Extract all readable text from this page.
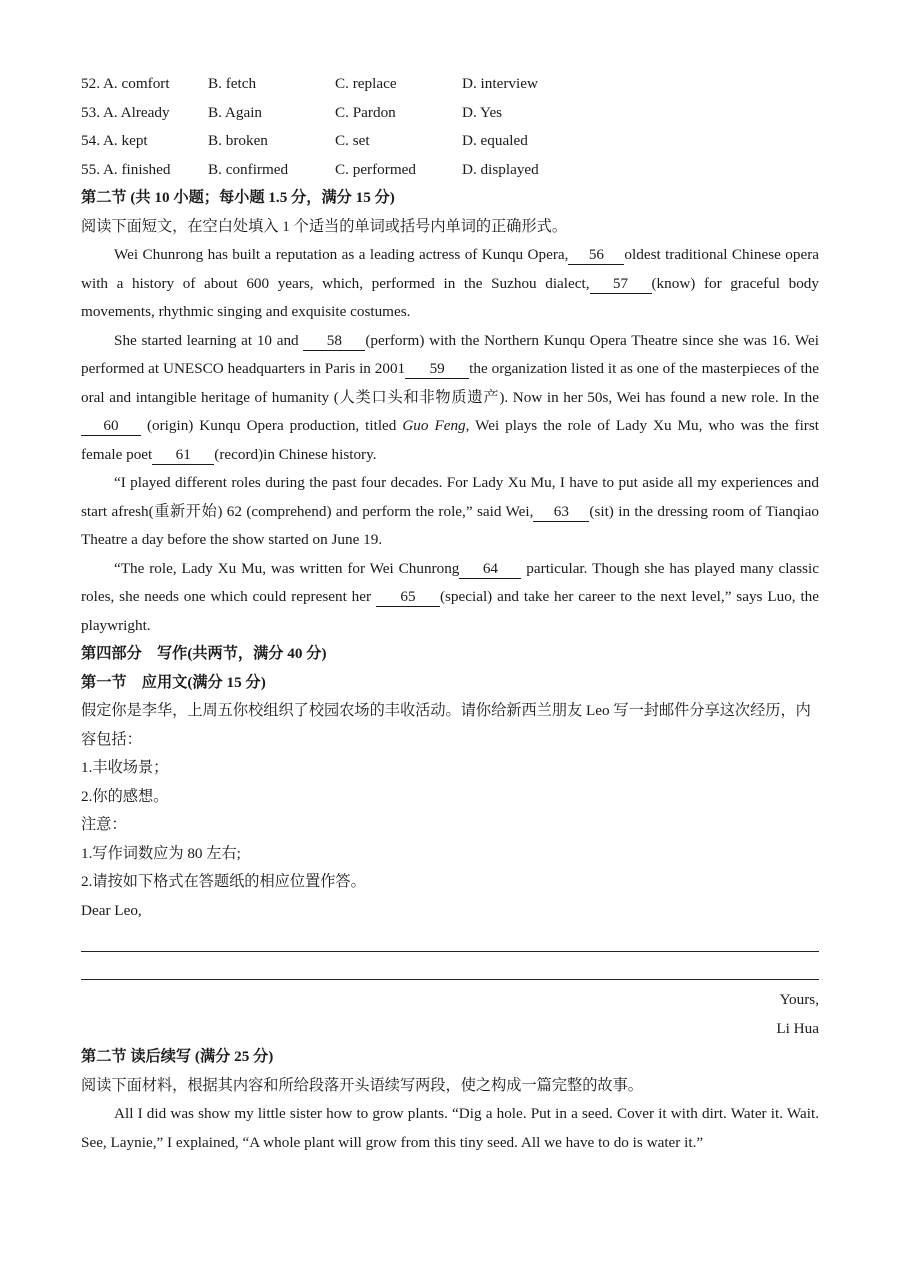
52. A. comfort	B. fetch	C. replace	D. interview
53. A. Already	B. Again	C. Pardon	D. Yes
54. A. kept	B. broken	C. set	D. equaled
55. A. finished	B. confirmed	C. performed	D. displayed
第二节 (共 10 小题；每小题 1.5 分，满分 15 分)
阅读下面短文，在空白处填入 1 个适当的单词或括号内单词的正确形式。

Wei Chunrong has built a reputation as a leading actress of Kunqu Opera, 56 oldest traditional Chinese opera with a history of about 600 years, which, performed in the Suzhou dialect, 57 (know) for graceful body movements, rhythmic singing and exquisite costumes.

She started learning at 10 and 58 (perform) with the Northern Kunqu Opera Theatre since she was 16. Wei performed at UNESCO headquarters in Paris in 2001 59 the organization listed it as one of the masterpieces of the oral and intangible heritage of humanity (人类口头和非物质遗产). Now in her 50s, Wei has found a new role. In the60 (origin) Kunqu Opera production, titled Guo Feng, Wei plays the role of Lady Xu Mu, who was the first female poet 61 (record)in Chinese history.

“I played different roles during the past four decades. For Lady Xu Mu, I have to put aside all my experiences and start afresh(重新开始) 62 (comprehend) and perform the role,” said Wei, 63 (sit) in the dressing room of Tianqiao Theatre a day before the show started on June 19.

“The role, Lady Xu Mu, was written for Wei Chunrong 64 particular. Though she has played many classic roles, she needs one which could represent her 65 (special) and take her career to the next level,” says Luo, the playwright.

第四部分　写作(共两节，满分 40 分)
第一节　应用文(满分 15 分)
假定你是李华，上周五你校组织了校园农场的丰收活动。请你给新西兰朋友 Leo 写一封邮件分享这次经历，内容包括：
1.丰收场景；
2.你的感想。
注意：
1.写作词数应为 80 左右;
2.请按如下格式在答题纸的相应位置作答。
Dear Leo,
Yours,
Li Hua
第二节 读后续写 (满分 25 分)
阅读下面材料，根据其内容和所给段落开头语续写两段，使之构成一篇完整的故事。

All I did was show my little sister how to grow plants. “Dig a hole. Put in a seed. Cover it with dirt. Water it. Wait. See, Laynie,” I explained, “A whole plant will grow from this tiny seed. All we have to do is water it.”
